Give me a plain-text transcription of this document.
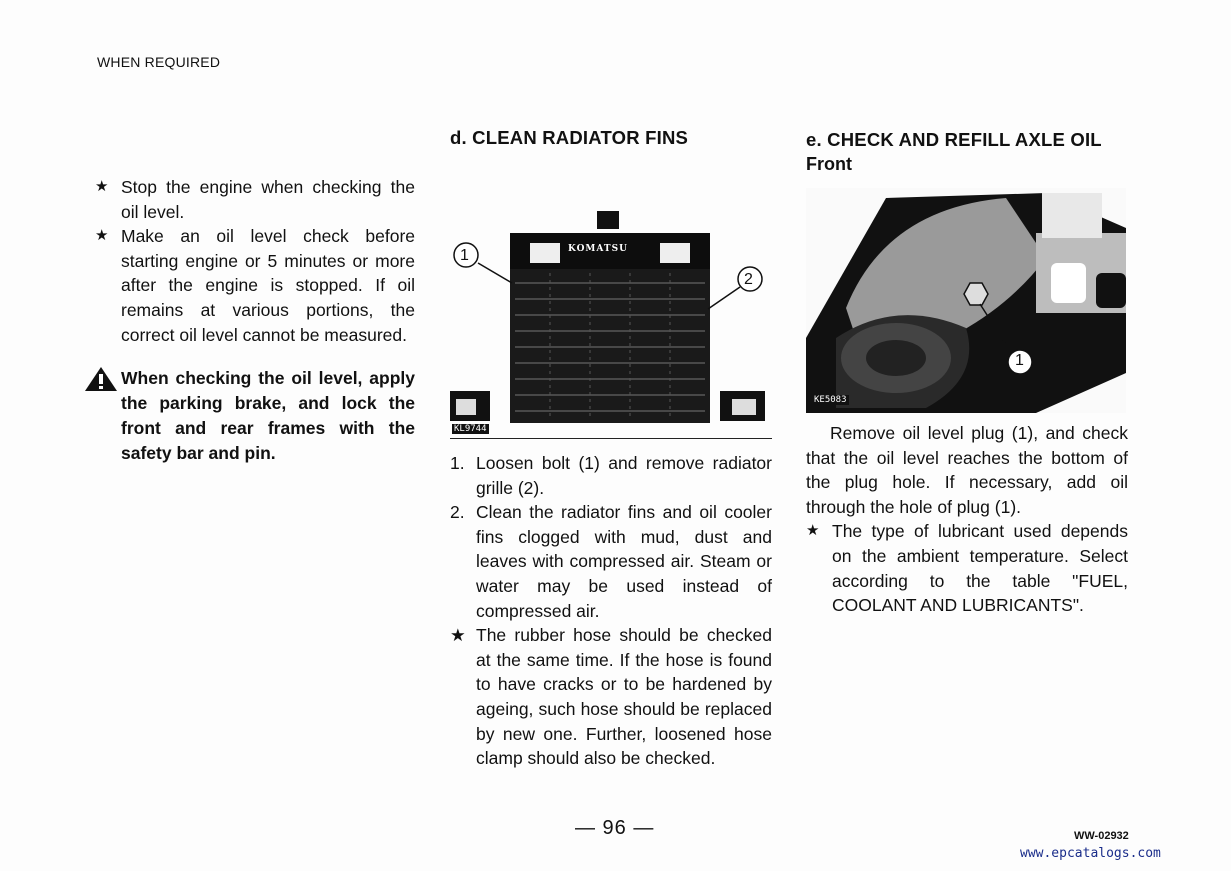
WHEN REQUIRED
★ Stop the engine when checking the oil level.
★ Make an oil level check before starting engine or 5 minutes or more after the engine is stopped. If oil remains at various portions, the correct oil level cannot be measured.
When checking the oil level, apply the parking brake, and lock the front and rear frames with the safety bar and pin.
d. CLEAN RADIATOR FINS
KOMATSU
1
2
KL9744
1. Loosen bolt (1) and remove radiator grille (2).
2. Clean the radiator fins and oil cooler fins clogged with mud, dust and leaves with compressed air. Steam or water may be used instead of compressed air.
★ The rubber hose should be checked at the same time. If the hose is found to have cracks or to be hardened by ageing, such hose should be replaced by new one. Further, loosened hose clamp should also be checked.
e. CHECK AND REFILL AXLE OIL
Front
1
KE5083
Remove oil level plug (1), and check that the oil level reaches the bottom of the plug hole. If necessary, add oil through the hole of plug (1).
★ The type of lubricant used depends on the ambient temperature. Select according to the table "FUEL, COOLANT AND LUBRICANTS".
— 96 —	WW-02932
www.epcatalogs.com
